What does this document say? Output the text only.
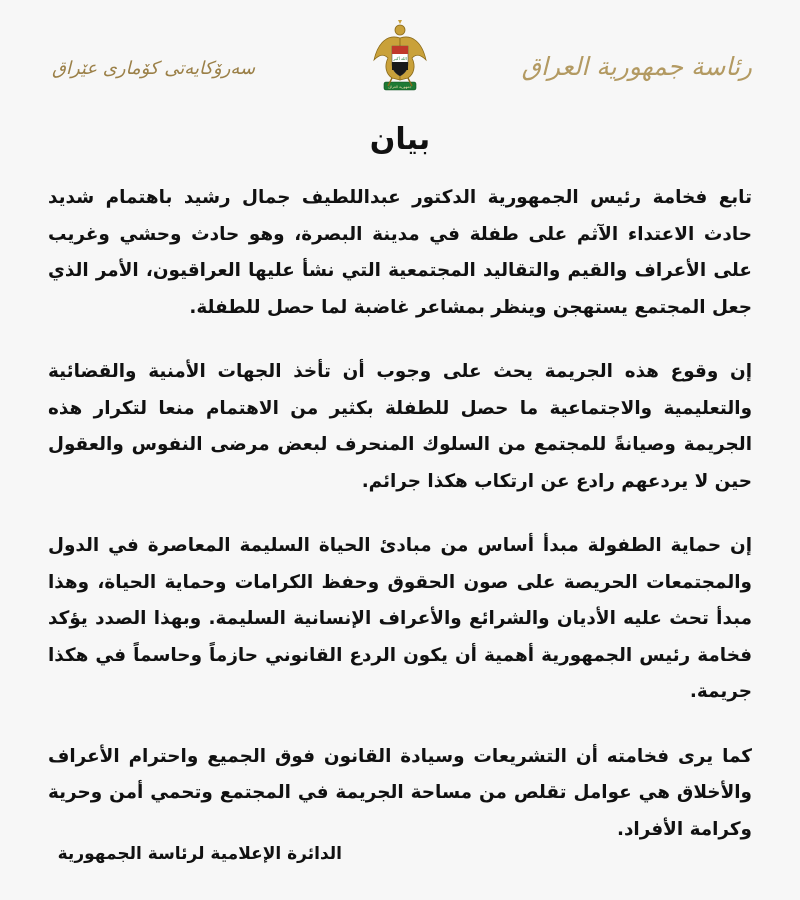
رئاسة جمهورية العراق
الله أكبر
جمهورية العراق
سەرۆکایەتی کۆماری عێراق
بيان

تابع فخامة رئيس الجمهورية الدكتور عبداللطيف جمال رشيد باهتمام شديد حادث الاعتداء الآثم على طفلة في مدينة البصرة، وهو حادث وحشي وغريب على الأعراف والقيم والتقاليد المجتمعية التي نشأ عليها العراقيون، الأمر الذي جعل المجتمع يستهجن وينظر بمشاعر غاضبة لما حصل للطفلة.

إن وقوع هذه الجريمة يحث على وجوب أن تأخذ الجهات الأمنية والقضائية والتعليمية والاجتماعية ما حصل للطفلة بكثير من الاهتمام منعا لتكرار هذه الجريمة وصيانةً للمجتمع من السلوك المنحرف لبعض مرضى النفوس والعقول حين لا يردعهم رادع عن ارتكاب هكذا جرائم.

إن حماية الطفولة مبدأ أساس من مبادئ الحياة السليمة المعاصرة في الدول والمجتمعات الحريصة على صون الحقوق وحفظ الكرامات وحماية الحياة، وهذا مبدأ تحث عليه الأديان والشرائع والأعراف الإنسانية السليمة. وبهذا الصدد يؤكد فخامة رئيس الجمهورية أهمية أن يكون الردع القانوني حازماً وحاسماً في هكذا جريمة.

كما يرى فخامته أن التشريعات وسيادة القانون فوق الجميع واحترام الأعراف والأخلاق هي عوامل تقلص من مساحة الجريمة في المجتمع وتحمي أمن وحرية وكرامة الأفراد.

الدائرة الإعلامية لرئاسة الجمهورية
